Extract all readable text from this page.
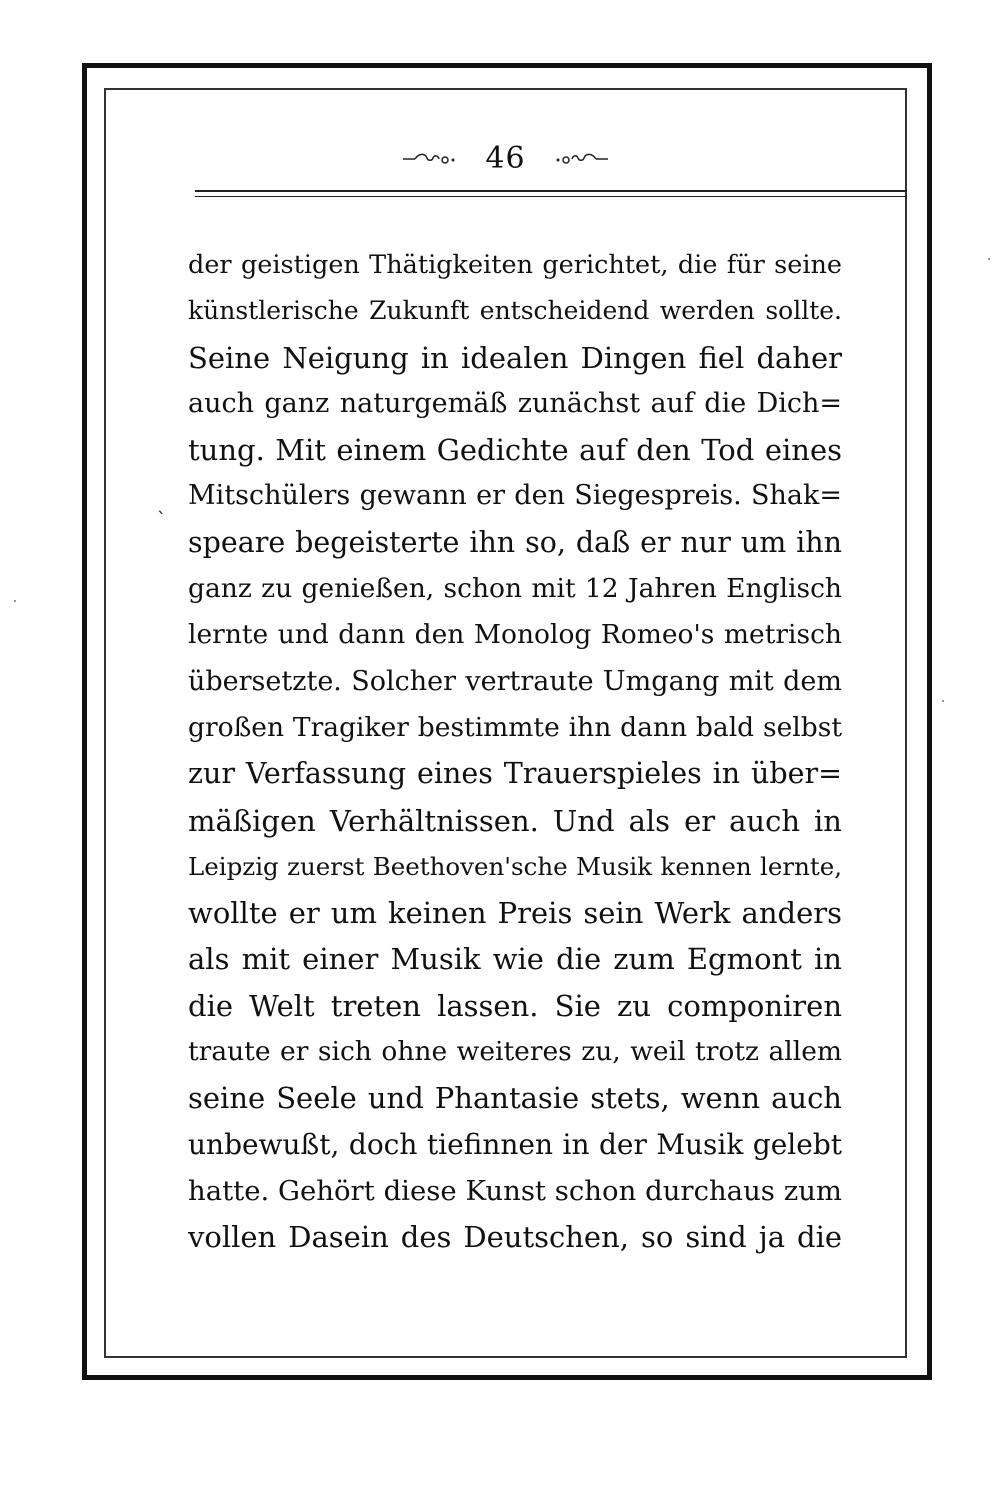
46
ˎ
der geistigen Thätigkeiten gerichtet, die für seine
künstlerische Zukunft entscheidend werden sollte.
Seine Neigung in idealen Dingen fiel daher
auch ganz naturgemäß zunächst auf die Dich=
tung. Mit einem Gedichte auf den Tod eines
Mitschülers gewann er den Siegespreis. Shak=
speare begeisterte ihn so, daß er nur um ihn
ganz zu genießen, schon mit 12 Jahren Englisch
lernte und dann den Monolog Romeo's metrisch
übersetzte. Solcher vertraute Umgang mit dem
großen Tragiker bestimmte ihn dann bald selbst
zur Verfassung eines Trauerspieles in über=
mäßigen Verhältnissen. Und als er auch in
Leipzig zuerst Beethoven'sche Musik kennen lernte,
wollte er um keinen Preis sein Werk anders
als mit einer Musik wie die zum Egmont in
die Welt treten lassen. Sie zu componiren
traute er sich ohne weiteres zu, weil trotz allem
seine Seele und Phantasie stets, wenn auch
unbewußt, doch tiefinnen in der Musik gelebt
hatte. Gehört diese Kunst schon durchaus zum
vollen Dasein des Deutschen, so sind ja die
